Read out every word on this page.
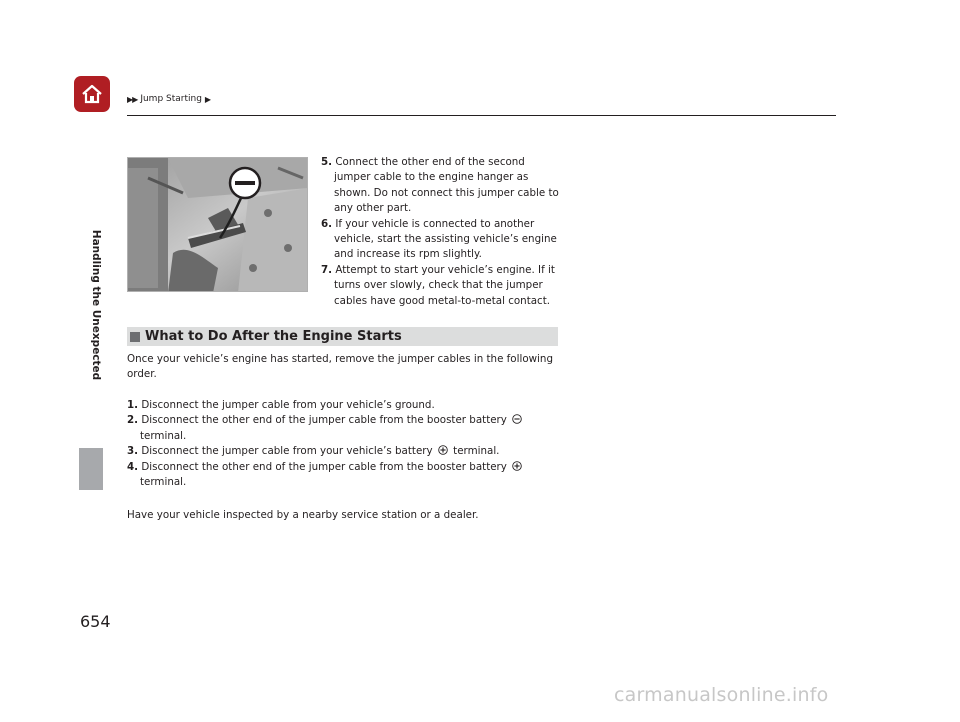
▶▶ Jump Starting ▶
Handling the Unexpected
5. Connect the other end of the second jumper cable to the engine hanger as shown. Do not connect this jumper cable to any other part.
6. If your vehicle is connected to another vehicle, start the assisting vehicle’s engine and increase its rpm slightly.
7. Attempt to start your vehicle’s engine. If it turns over slowly, check that the jumper cables have good metal-to-metal contact.
What to Do After the Engine Starts
Once your vehicle’s engine has started, remove the jumper cables in the following order.
1. Disconnect the jumper cable from your vehicle’s ground.
2. Disconnect the other end of the jumper cable from the booster battery  terminal.
3. Disconnect the jumper cable from your vehicle’s battery terminal.
4. Disconnect the other end of the jumper cable from the booster battery  terminal.
Have your vehicle inspected by a nearby service station or a dealer.
654
carmanualsonline.info
